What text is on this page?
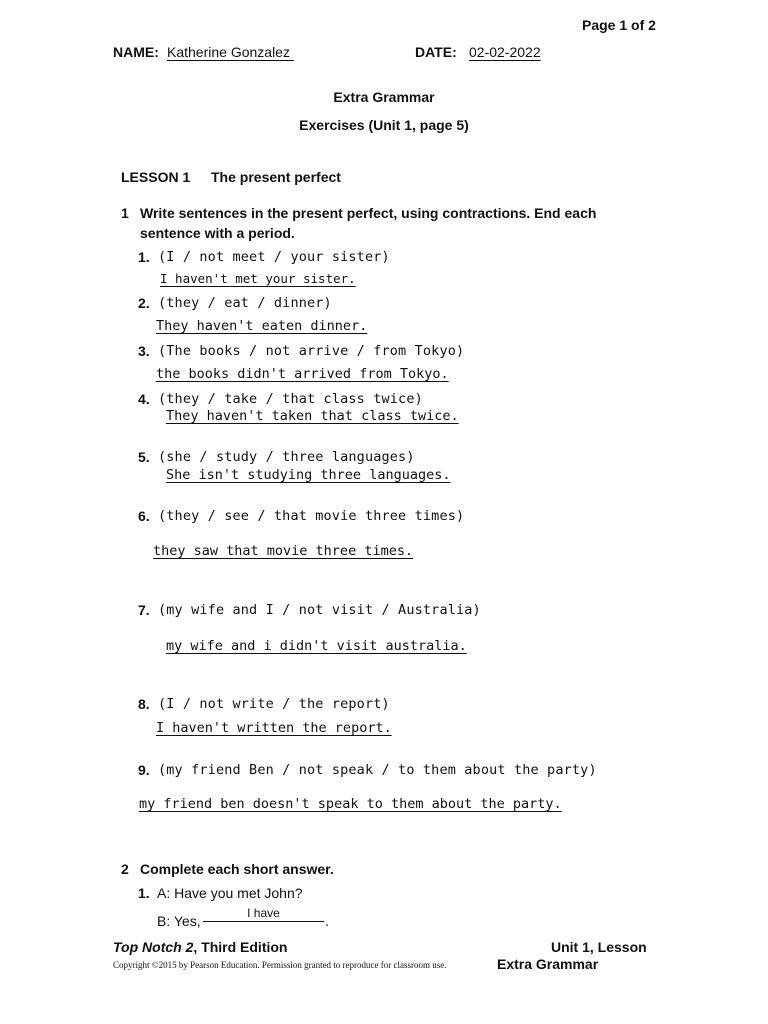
Page 1 of 2
NAME: Katherine Gonzalez	DATE: 02-02-2022
Extra Grammar
Exercises (Unit 1, page 5)
LESSON 1 The present perfect
1 Write sentences in the present perfect, using contractions. End each
sentence with a period.
1. (I / not meet / your sister)
I haven't met your sister.
2. (they / eat / dinner)
They haven't eaten dinner.
3. (The books / not arrive / from Tokyo)
the books didn't arrived from Tokyo.
4. (they / take / that class twice)
They haven't taken that class twice.
5. (she / study / three languages)
She isn't studying three languages.
6. (they / see / that movie three times)
they saw that movie three times.
7. (my wife and I / not visit / Australia)
my wife and i didn't visit australia.
8. (I / not write / the report)
I haven't written the report.
9. (my friend Ben / not speak / to them about the party)
my friend ben doesn't speak to them about the party.
2 Complete each short answer.
1. A: Have you met John?
B: Yes,	I have	.
Top Notch 2, Third Edition	Unit 1, Lesson
Copyright ©2015 by Pearson Education. Permission granted to reproduce for classroom use.	Extra Grammar
